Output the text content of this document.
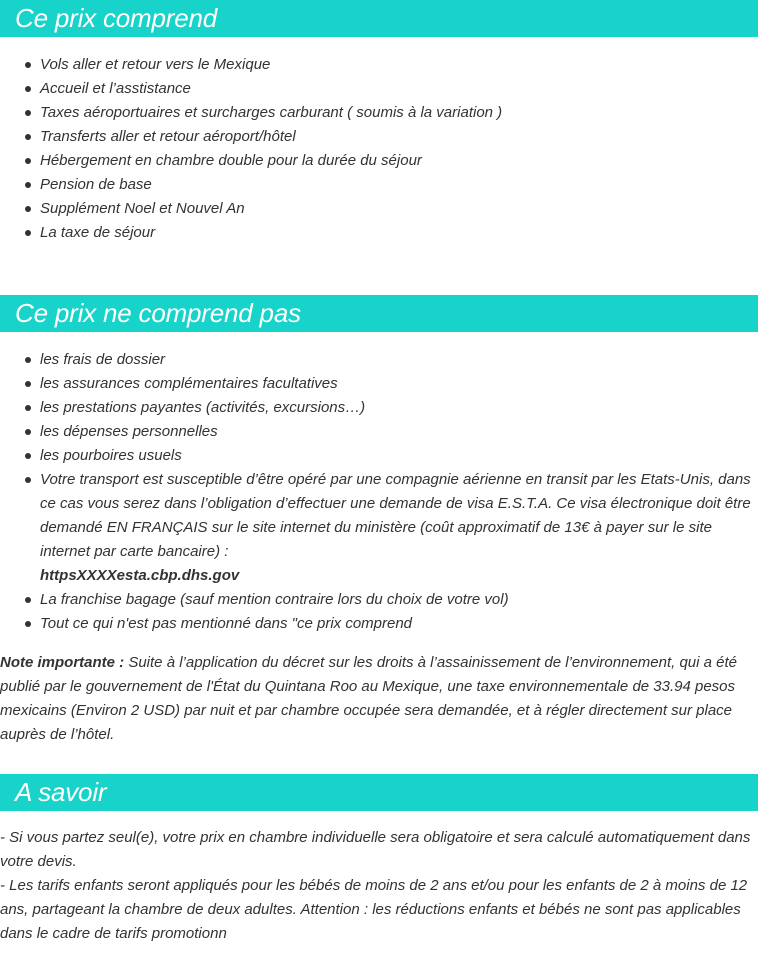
Ce prix comprend
Vols aller et retour vers le Mexique
Accueil et l’asstistance
Taxes aéroportuaires et surcharges carburant ( soumis à la variation )
Transferts aller et retour aéroport/hôtel
Hébergement en chambre double pour la durée du séjour
Pension de base
Supplément Noel et Nouvel An
La taxe de séjour
Ce prix ne comprend pas
les frais de dossier
les assurances complémentaires facultatives
les prestations payantes (activités, excursions…)
les dépenses personnelles
les pourboires usuels
Votre transport est susceptible d’être opéré par une compagnie aérienne en transit par les Etats-Unis, dans ce cas vous serez dans l’obligation d’effectuer une demande de visa E.S.T.A. Ce visa électronique doit être demandé EN FRANÇAIS sur le site internet du ministère (coût approximatif de 13€ à payer sur le site internet par carte bancaire) :
httpsXXXXesta.cbp.dhs.gov
La franchise bagage (sauf mention contraire lors du choix de votre vol)
Tout ce qui n'est pas mentionné dans "ce prix comprend
Note importante : Suite à l’application du décret sur les droits à l’assainissement de l’environnement, qui a été publié par le gouvernement de l'État du Quintana Roo au Mexique, une taxe environnementale de 33.94 pesos mexicains (Environ 2 USD) par nuit et par chambre occupée sera demandée, et à régler directement sur place auprès de l’hôtel.
A savoir

- Si vous partez seul(e), votre prix en chambre individuelle sera obligatoire et sera calculé automatiquement dans votre devis.

- Les tarifs enfants seront appliqués pour les bébés de moins de 2 ans et/ou pour les enfants de 2 à moins de 12 ans, partageant la chambre de deux adultes. Attention : les réductions enfants et bébés ne sont pas applicables dans le cadre de tarifs promotionn
